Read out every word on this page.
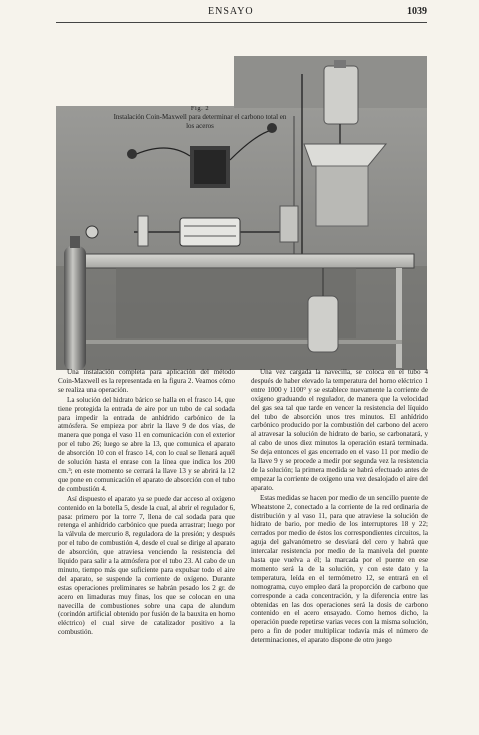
ENSAYO	1039
Fig. 2
Instalación Coin-Maxwell para determinar el carbono total en los aceros

Una instalación completa para aplicación del método Coin-Maxwell es la representada en la figura 2. Veamos cómo se realiza una operación.

La solución del hidrato bárico se halla en el frasco 14, que tiene protegida la entrada de aire por un tubo de cal sodada para impedir la entrada de anhídrido carbónico de la atmósfera. Se empieza por abrir la llave 9 de dos vías, de manera que ponga el vaso 11 en comunicación con el exterior por el tubo 26; luego se abre la 13, que comunica el aparato de absorción 10 con el frasco 14, con lo cual se llenará aquél de solución hasta el enrase con la línea que indica los 200 cm.³; en este momento se cerrará la llave 13 y se abrirá la 12 que pone en comunicación el aparato de absorción con el tubo de combustión 4.

Así dispuesto el aparato ya se puede dar acceso al oxígeno contenido en la botella 5, desde la cual, al abrir el regulador 6, pasa: primero por la torre 7, llena de cal sodada para que retenga el anhídrido carbónico que pueda arrastrar; luego por la válvula de mercurio 8, reguladora de la presión; y después por el tubo de combustión 4, desde el cual se dirige al aparato de absorción, que atraviesa venciendo la resistencia del líquido para salir a la atmósfera por el tubo 23. Al cabo de un minuto, tiempo más que suficiente para expulsar todo el aire del aparato, se suspende la corriente de oxígeno. Durante estas operaciones preliminares se habrán pesado los 2 gr. de acero en limaduras muy finas, los que se colocan en una navecilla de combustiones sobre una capa de alundum (corindón artificial obtenido por fusión de la bauxita en horno eléctrico) el cual sirve de catalizador positivo a la combustión.

Una vez cargada la navecilla, se coloca en el tubo 4 después de haber elevado la temperatura del horno eléctrico 1 entre 1000 y 1100° y se establece nuevamente la corriente de oxígeno graduando el regulador, de manera que la velocidad del gas sea tal que tarde en vencer la resistencia del líquido del tubo de absorción unos tres minutos. El anhídrido carbónico producido por la combustión del carbono del acero al atravesar la solución de hidrato de bario, se carbonatará, y al cabo de unos diez minutos la operación estará terminada. Se deja entonces el gas encerrado en el vaso 11 por medio de la llave 9 y se procede a medir por segunda vez la resistencia de la solución; la primera medida se habrá efectuado antes de empezar la corriente de oxígeno una vez desalojado el aire del aparato.

Estas medidas se hacen por medio de un sencillo puente de Wheatstone 2, conectado a la corriente de la red ordinaria de distribución y al vaso 11, para que atraviese la solución de hidrato de bario, por medio de los interruptores 18 y 22; cerrados por medio de éstos los correspondientes circuitos, la aguja del galvanómetro se desviará del cero y habrá que intercalar resistencia por medio de la manivela del puente hasta que vuelva a él; la marcada por el puente en ese momento será la de la solución, y con este dato y la temperatura, leída en el termómetro 12, se entrará en el nomograma, cuyo empleo dará la proporción de carbono que corresponde a cada concentración, y la diferencia entre las obtenidas en las dos operaciones será la dosis de carbono contenido en el acero ensayado. Como hemos dicho, la operación puede repetirse varias veces con la misma solución, pero a fin de poder multiplicar todavía más el número de determinaciones, el aparato dispone de otro juego
